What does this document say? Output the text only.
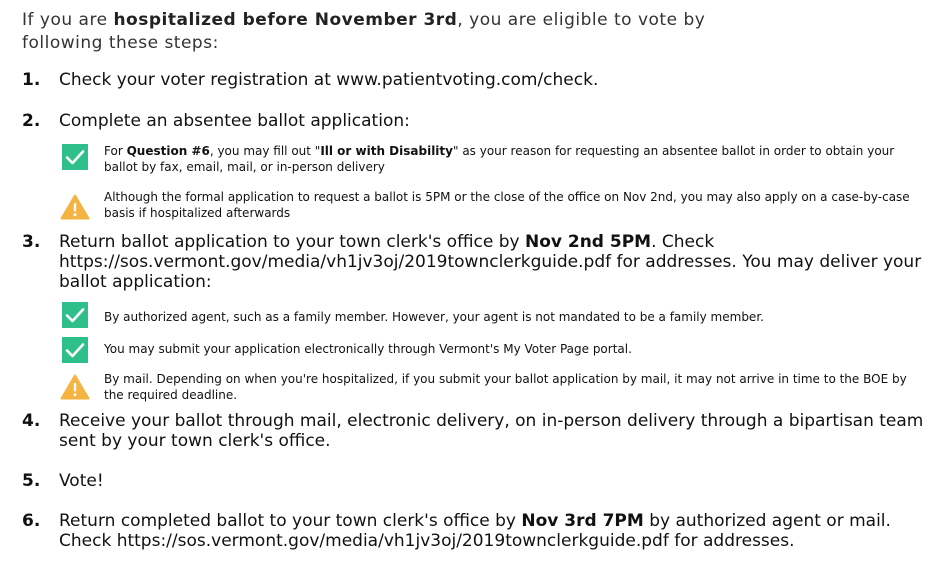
If you are hospitalized before November 3rd, you are eligible to vote by following these steps:
1.	Check your voter registration at www.patientvoting.com/check.
2.	Complete an absentee ballot application:
For Question #6, you may fill out "Ill or with Disability" as your reason for requesting an absentee ballot in order to obtain your ballot by fax, email, mail, or in-person delivery
Although the formal application to request a ballot is 5PM or the close of the office on Nov 2nd, you may also apply on a case-by-case basis if hospitalized afterwards
3.	Return ballot application to your town clerk's office by Nov 2nd 5PM. Check https://sos.vermont.gov/media/vh1jv3oj/2019townclerkguide.pdf for addresses. You may deliver your ballot application:
By authorized agent, such as a family member. However, your agent is not mandated to be a family member.
You may submit your application electronically through Vermont's My Voter Page portal.
By mail. Depending on when you're hospitalized, if you submit your ballot application by mail, it may not arrive in time to the BOE by the required deadline.
4.	Receive your ballot through mail, electronic delivery, on in-person delivery through a bipartisan team sent by your town clerk's office.
5.	Vote!
6.	Return completed ballot to your town clerk's office by Nov 3rd 7PM by authorized agent or mail. Check https://sos.vermont.gov/media/vh1jv3oj/2019townclerkguide.pdf for addresses.
